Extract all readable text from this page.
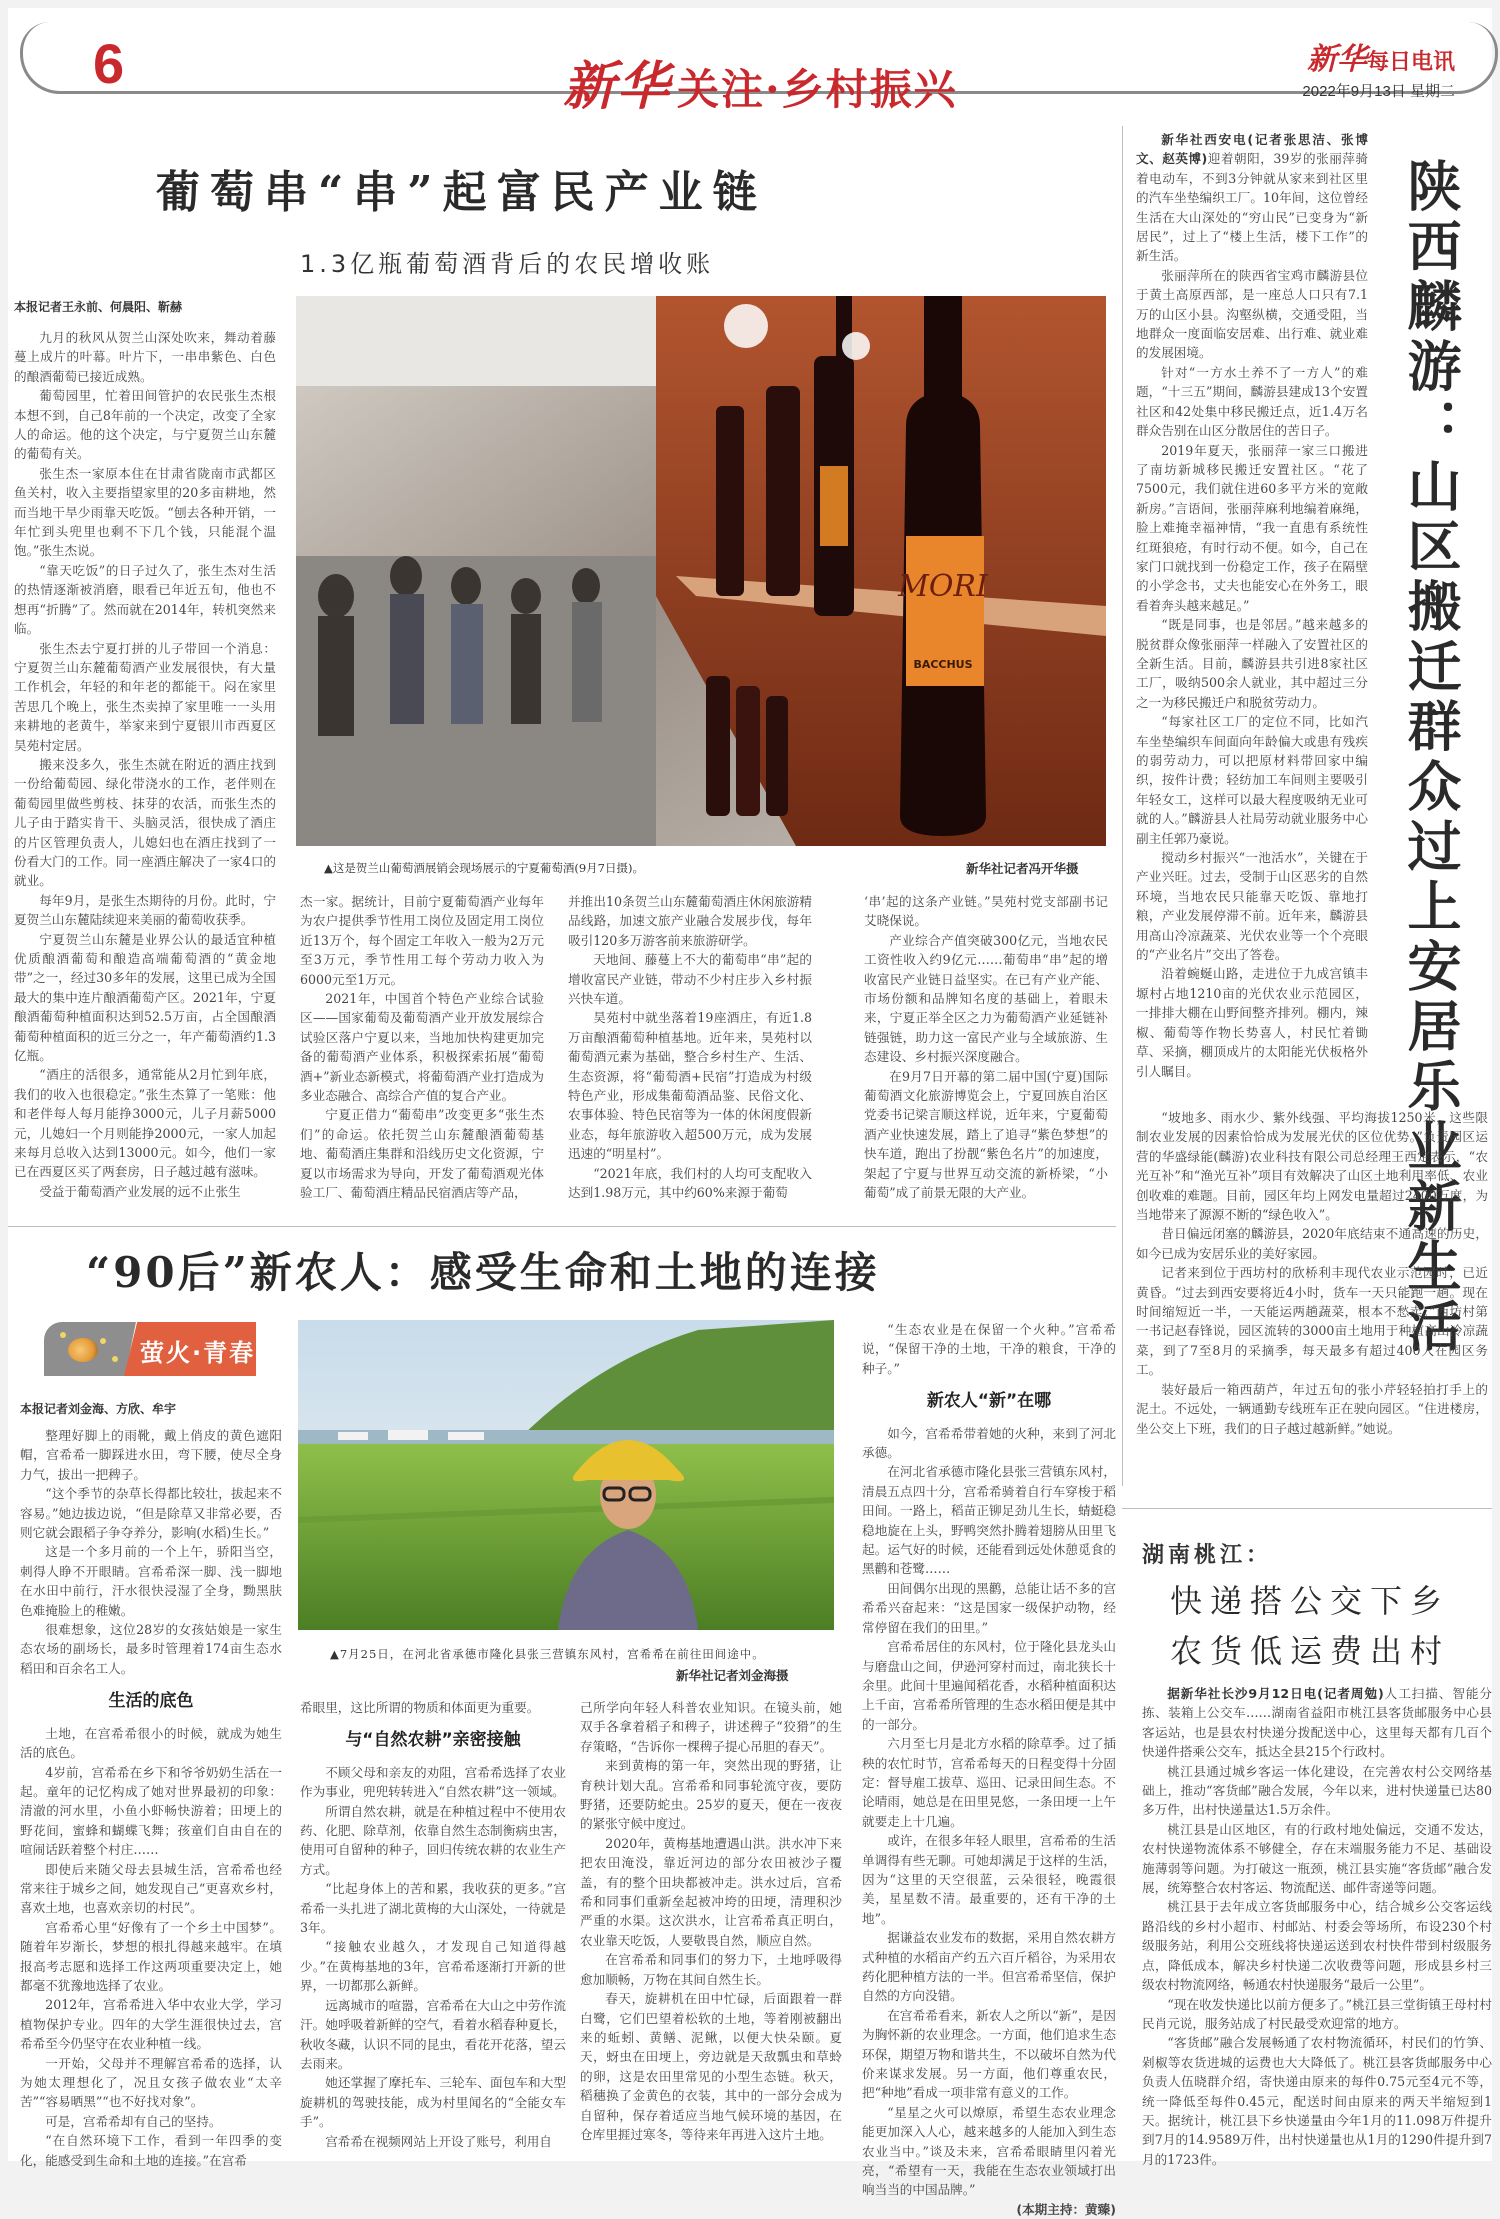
6	新华 关注·乡村振兴
新华每日电讯
2022年9月13日 星期二
葡萄串“串”起富民产业链
1.3亿瓶葡萄酒背后的农民增收账
本报记者王永前、何晨阳、靳赫
MORI
BACCHUS
▲这是贺兰山葡萄酒展销会现场展示的宁夏葡萄酒(9月7日摄)。	新华社记者冯开华摄

九月的秋风从贺兰山深处吹来，舞动着藤蔓上成片的叶幕。叶片下，一串串紫色、白色的酿酒葡萄已接近成熟。

葡萄园里，忙着田间管护的农民张生杰根本想不到，自己8年前的一个决定，改变了全家人的命运。他的这个决定，与宁夏贺兰山东麓的葡萄有关。

张生杰一家原本住在甘肃省陇南市武都区鱼关村，收入主要指望家里的20多亩耕地，然而当地干旱少雨靠天吃饭。“刨去各种开销，一年忙到头兜里也剩不下几个钱，只能混个温饱。”张生杰说。

“靠天吃饭”的日子过久了，张生杰对生活的热情逐渐被消磨，眼看已年近五旬，他也不想再“折腾”了。然而就在2014年，转机突然来临。

张生杰去宁夏打拼的儿子带回一个消息：宁夏贺兰山东麓葡萄酒产业发展很快，有大量工作机会，年轻的和年老的都能干。闷在家里苦思几个晚上，张生杰卖掉了家里唯一一头用来耕地的老黄牛，举家来到宁夏银川市西夏区昊苑村定居。

搬来没多久，张生杰就在附近的酒庄找到一份给葡萄园、绿化带浇水的工作，老伴则在葡萄园里做些剪枝、抹芽的农活，而张生杰的儿子由于踏实肯干、头脑灵活，很快成了酒庄的片区管理负责人，儿媳妇也在酒庄找到了一份看大门的工作。同一座酒庄解决了一家4口的就业。

每年9月，是张生杰期待的月份。此时，宁夏贺兰山东麓陆续迎来美丽的葡萄收获季。

宁夏贺兰山东麓是业界公认的最适宜种植优质酿酒葡萄和酿造高端葡萄酒的“黄金地带”之一，经过30多年的发展，这里已成为全国最大的集中连片酿酒葡萄产区。2021年，宁夏酿酒葡萄种植面积达到52.5万亩，占全国酿酒葡萄种植面积的近三分之一，年产葡萄酒约1.3亿瓶。

“酒庄的活很多，通常能从2月忙到年底，我们的收入也很稳定。”张生杰算了一笔账：他和老伴每人每月能挣3000元，儿子月薪5000元，儿媳妇一个月则能挣2000元，一家人加起来每月总收入达到13000元。如今，他们一家已在西夏区买了两套房，日子越过越有滋味。

受益于葡萄酒产业发展的远不止张生

杰一家。据统计，目前宁夏葡萄酒产业每年为农户提供季节性用工岗位及固定用工岗位近13万个，每个固定工年收入一般为2万元至3万元，季节性用工每个劳动力收入为6000元至1万元。

2021年，中国首个特色产业综合试验区——国家葡萄及葡萄酒产业开放发展综合试验区落户宁夏以来，当地加快构建更加完备的葡萄酒产业体系，积极探索拓展“葡萄酒+”新业态新模式，将葡萄酒产业打造成为多业态融合、高综合产值的复合产业。

宁夏正借力“葡萄串”改变更多“张生杰们”的命运。依托贺兰山东麓酿酒葡萄基地、葡萄酒庄集群和沿线历史文化资源，宁夏以市场需求为导向，开发了葡萄酒观光体验工厂、葡萄酒庄精品民宿酒店等产品，

并推出10条贺兰山东麓葡萄酒庄休闲旅游精品线路，加速文旅产业融合发展步伐，每年吸引120多万游客前来旅游研学。

天地间、藤蔓上不大的葡萄串“串”起的增收富民产业链，带动不少村庄步入乡村振兴快车道。

昊苑村中就坐落着19座酒庄，有近1.8万亩酿酒葡萄种植基地。近年来，昊苑村以葡萄酒元素为基础，整合乡村生产、生活、生态资源，将“葡萄酒+民宿”打造成为村级特色产业，形成集葡萄酒品鉴、民俗文化、农事体验、特色民宿等为一体的休闲度假新业态，每年旅游收入超500万元，成为发展迅速的“明星村”。

“2021年底，我们村的人均可支配收入达到1.98万元，其中约60%来源于葡萄

‘串’起的这条产业链。”昊苑村党支部副书记艾晓保说。

产业综合产值突破300亿元，当地农民工资性收入约9亿元……葡萄串“串”起的增收富民产业链日益坚实。在已有产业产能、市场份额和品牌知名度的基础上，着眼未来，宁夏正举全区之力为葡萄酒产业延链补链强链，助力这一富民产业与全域旅游、生态建设、乡村振兴深度融合。

在9月7日开幕的第二届中国(宁夏)国际葡萄酒文化旅游博览会上，宁夏回族自治区党委书记梁言顺这样说，近年来，宁夏葡萄酒产业快速发展，踏上了追寻“紫色梦想”的快车道，跑出了扮靓“紫色名片”的加速度，架起了宁夏与世界互动交流的新桥梁，“小葡萄”成了前景无限的大产业。

新华社西安电(记者张思洁、张博文、赵英博)迎着朝阳，39岁的张丽萍骑着电动车，不到3分钟就从家来到社区里的汽车坐垫编织工厂。10年间，这位曾经生活在大山深处的“穷山民”已变身为“新居民”，过上了“楼上生活，楼下工作”的新生活。

张丽萍所在的陕西省宝鸡市麟游县位于黄土高原西部，是一座总人口只有7.1万的山区小县。沟壑纵横，交通受阻，当地群众一度面临安居难、出行难、就业难的发展困境。

针对“一方水土养不了一方人”的难题，“十三五”期间，麟游县建成13个安置社区和42处集中移民搬迁点，近1.4万名群众告别在山区分散居住的苦日子。

2019年夏天，张丽萍一家三口搬进了南坊新城移民搬迁安置社区。“花了7500元，我们就住进60多平方米的宽敞新房。”言语间，张丽萍麻利地编着麻绳，脸上难掩幸福神情，“我一直患有系统性红斑狼疮，有时行动不便。如今，自己在家门口就找到一份稳定工作，孩子在隔壁的小学念书，丈夫也能安心在外务工，眼看着奔头越来越足。”

“既是同事，也是邻居。”越来越多的脱贫群众像张丽萍一样融入了安置社区的全新生活。目前，麟游县共引进8家社区工厂，吸纳500余人就业，其中超过三分之一为移民搬迁户和脱贫劳动力。

“每家社区工厂的定位不同，比如汽车坐垫编织车间面向年龄偏大或患有残疾的弱劳动力，可以把原材料带回家中编织，按件计费；轻纺加工车间则主要吸引年轻女工，这样可以最大程度吸纳无业可就的人。”麟游县人社局劳动就业服务中心副主任郭乃豪说。

搅动乡村振兴“一池活水”，关键在于产业兴旺。过去，受制于山区恶劣的自然环境，当地农民只能靠天吃饭、靠地打粮，产业发展停滞不前。近年来，麟游县用高山冷凉蔬菜、光伏农业等一个个亮眼的“产业名片”交出了答卷。

沿着蜿蜒山路，走进位于九成宫镇丰塬村占地1210亩的光伏农业示范园区，一排排大棚在山野间整齐排列。棚内，辣椒、葡萄等作物长势喜人，村民忙着锄草、采摘，棚顶成片的太阳能光伏板格外引人瞩目。	陕西麟游：山区搬迁群众过上安居乐业新生活

“坡地多、雨水少、紫外线强、平均海拔1250米，这些限制农业发展的因素恰恰成为发展光伏的区位优势。”负责园区运营的华盛绿能(麟游)农业科技有限公司总经理王西定表示，“农光互补”和“渔光互补”项目有效解决了山区土地利用率低、农业创收难的难题。目前，园区年均上网发电量超过2400万度，为当地带来了源源不断的“绿色收入”。

昔日偏远闭塞的麟游县，2020年底结束不通高速的历史，如今已成为安居乐业的美好家园。

记者来到位于西坊村的欣桥利丰现代农业示范园时，已近黄昏。“过去到西安要将近4小时，货车一天只能跑一趟。现在时间缩短近一半，一天能运两趟蔬菜，根本不愁卖。”西坊村第一书记赵春锋说，园区流转的3000亩土地用于种植高山冷凉蔬菜，到了7至8月的采摘季，每天最多有超过400人在园区务工。

装好最后一箱西葫芦，年过五旬的张小芹轻轻拍打手上的泥土。不远处，一辆通勤专线班车正在驶向园区。“住进楼房，坐公交上下班，我们的日子越过越新鲜。”她说。

“90后”新农人：感受生命和土地的连接
萤火·青春
本报记者刘金海、方欣、牟宇
▲7月25日，在河北省承德市隆化县张三营镇东风村，宫希希在前往田间途中。
新华社记者刘金海摄

整理好脚上的雨靴，戴上俏皮的黄色遮阳帽，宫希希一脚踩进水田，弯下腰，使尽全身力气，拔出一把稗子。

“这个季节的杂草长得都比较壮，拔起来不容易。”她边拔边说，“但是除草又非常必要，否则它就会跟稻子争夺养分，影响(水稻)生长。”

这是一个多月前的一个上午，骄阳当空，刺得人睁不开眼睛。宫希希深一脚、浅一脚地在水田中前行，汗水很快浸湿了全身，黝黑肤色难掩脸上的稚嫩。

很难想象，这位28岁的女孩姑娘是一家生态农场的副场长，最多时管理着174亩生态水稻田和百余名工人。

生活的底色

土地，在宫希希很小的时候，就成为她生活的底色。

4岁前，宫希希在乡下和爷爷奶奶生活在一起。童年的记忆构成了她对世界最初的印象：清澈的河水里，小鱼小虾畅快游着；田埂上的野花间，蜜蜂和蝴蝶飞舞；孩童们自由自在的喧闹话跃着整个村庄……

即使后来随父母去县城生活，宫希希也经常来往于城乡之间，她发现自己“更喜欢乡村，喜欢土地，也喜欢亲切的村民”。

宫希希心里“好像有了一个乡土中国梦”。随着年岁渐长，梦想的根扎得越来越牢。在填报高考志愿和选择工作这两项重要决定上，她都毫不犹豫地选择了农业。

2012年，宫希希进入华中农业大学，学习植物保护专业。四年的大学生涯很快过去，宫希希至今仍坚守在农业种植一线。

一开始，父母并不理解宫希希的选择，认为她太理想化了，况且女孩子做农业“太辛苦”“容易晒黑”“也不好找对象”。

可是，宫希希却有自己的坚持。

“在自然环境下工作，看到一年四季的变化，能感受到生命和土地的连接。”在宫希

希眼里，这比所谓的物质和体面更为重要。

与“自然农耕”亲密接触

不顾父母和亲友的劝阻，宫希希选择了农业作为事业，兜兜转转进入“自然农耕”这一领域。

所谓自然农耕，就是在种植过程中不使用农药、化肥、除草剂，依靠自然生态制衡病虫害，使用可自留种的种子，回归传统农耕的农业生产方式。

“比起身体上的苦和累，我收获的更多。”宫希希一头扎进了湖北黄梅的大山深处，一待就是3年。

“接触农业越久，才发现自己知道得越少。”在黄梅基地的3年，宫希希逐渐打开新的世界，一切都那么新鲜。

远离城市的喧嚣，宫希希在大山之中劳作流汗。她呼吸着新鲜的空气，看着水稻春种夏长，秋收冬藏，认识不同的昆虫，看花开花落，望云去雨来。

她还掌握了摩托车、三轮车、面包车和大型旋耕机的驾驶技能，成为村里闻名的“全能女车手”。

宫希希在视频网站上开设了账号，利用自

己所学向年轻人科普农业知识。在镜头前，她双手各拿着稻子和稗子，讲述稗子“狡猾”的生存策略，“告诉你一棵稗子提心吊胆的春天”。

来到黄梅的第一年，突然出现的野猪，让育秧计划大乱。宫希希和同事轮流守夜，要防野猪，还要防蛇虫。25岁的夏天，便在一夜夜的紧张守候中度过。

2020年，黄梅基地遭遇山洪。洪水冲下来把农田淹没，靠近河边的部分农田被沙子覆盖，有的整个田块都被冲走。洪水过后，宫希希和同事们重新垒起被冲垮的田埂，清理积沙严重的水渠。这次洪水，让宫希希真正明白，农业靠天吃饭，人要敬畏自然，顺应自然。

在宫希希和同事们的努力下，土地呼吸得愈加顺畅，万物在其间自然生长。

春天，旋耕机在田中忙碌，后面跟着一群白鹭，它们巴望着松软的土地，等着刚被翻出来的蚯蚓、黄鳝、泥鳅，以便大快朵颐。夏天，蚜虫在田埂上，旁边就是天敌瓢虫和草蛉的卵，这是农田里常见的小型生态链。秋天，稻穗换了金黄色的衣装，其中的一部分会成为自留种，保存着适应当地气候环境的基因，在仓库里捱过寒冬，等待来年再进入这片土地。

“生态农业是在保留一个火种。”宫希希说，“保留干净的土地，干净的粮食，干净的种子。”

新农人“新”在哪

如今，宫希希带着她的火种，来到了河北承德。

在河北省承德市隆化县张三营镇东风村，清晨五点四十分，宫希希骑着自行车穿梭于稻田间。一路上，稻苗正铆足劲儿生长，蜻蜓稳稳地旋在上头，野鸭突然扑腾着翅膀从田里飞起。运气好的时候，还能看到远处休憩觅食的黑鹳和苍鹭……

田间偶尔出现的黑鹳，总能让话不多的宫希希兴奋起来：“这是国家一级保护动物，经常停留在我们的田里。”

宫希希居住的东风村，位于隆化县龙头山与磨盘山之间，伊逊河穿村而过，南北狭长十余里。此间十里遍闻稻花香，水稻种植面积达上千亩，宫希希所管理的生态水稻田便是其中的一部分。

六月至七月是北方水稻的除草季。过了插秧的农忙时节，宫希希每天的日程变得十分固定：督导雇工拔草、巡田、记录田间生态。不论晴雨，她总是在田里晃悠，一条田埂一上午就要走上十几遍。

或许，在很多年轻人眼里，宫希希的生活单调得有些无聊。可她却满足于这样的生活，因为“这里的天空很蓝，云朵很轻，晚霞很美，星星数不清。最重要的，还有干净的土地”。

据谦益农业发布的数据，采用自然农耕方式种植的水稻亩产约五六百斤稻谷，为采用农药化肥种植方法的一半。但宫希希坚信，保护自然的方向没错。

在宫希希看来，新农人之所以“新”，是因为胸怀新的农业理念。一方面，他们追求生态环保，期望万物和谐共生，不以破坏自然为代价来谋求发展。另一方面，他们尊重农民，把“种地”看成一项非常有意义的工作。

“星星之火可以燎原，希望生态农业理念能更加深入人心，越来越多的人能加入到生态农业当中。”谈及未来，宫希希眼睛里闪着光亮，“希望有一天，我能在生态农业领域打出响当当的中国品牌。”

(本期主持：黄臻)

湖南桃江：
快递搭公交下乡
农货低运费出村

据新华社长沙9月12日电(记者周勉)人工扫描、智能分拣、装箱上公交车……湖南省益阳市桃江县客货邮服务中心县客运站，也是县农村快递分拨配送中心，这里每天都有几百个快递件搭乘公交车，抵达全县215个行政村。

桃江县通过城乡客运一体化建设，在完善农村公交网络基础上，推动“客货邮”融合发展，今年以来，进村快递量已达80多万件，出村快递量达1.5万余件。

桃江县是山区地区，有的行政村地处偏远，交通不发达，农村快递物流体系不够健全，存在末端服务能力不足、基础设施薄弱等问题。为打破这一瓶颈，桃江县实施“客货邮”融合发展，统筹整合农村客运、物流配送、邮件寄递等问题。

桃江县于去年成立客货邮服务中心，结合城乡公交客运线路沿线的乡村小超市、村邮站、村委会等场所，布设230个村级服务站，利用公交班线将快递运送到农村快件带到村级服务点，降低成本，解决乡村快递二次收费等问题，形成县乡村三级农村物流网络，畅通农村快递服务“最后一公里”。

“现在收发快递比以前方便多了。”桃江县三堂街镇王母村村民肖元说，服务站成了村民最受欢迎常的地方。

“客货邮”融合发展畅通了农村物流循环，村民们的竹笋、剁椒等农货进城的运费也大大降低了。桃江县客货邮服务中心负责人伍晓群介绍，寄快递由原来的每件0.75元至4元不等，统一降低至每件0.45元，配送时间由原来的两天半缩短到1天。据统计，桃江县下乡快递量由今年1月的11.098万件提升到7月的14.9589万件，出村快递量也从1月的1290件提升到7月的1723件。
